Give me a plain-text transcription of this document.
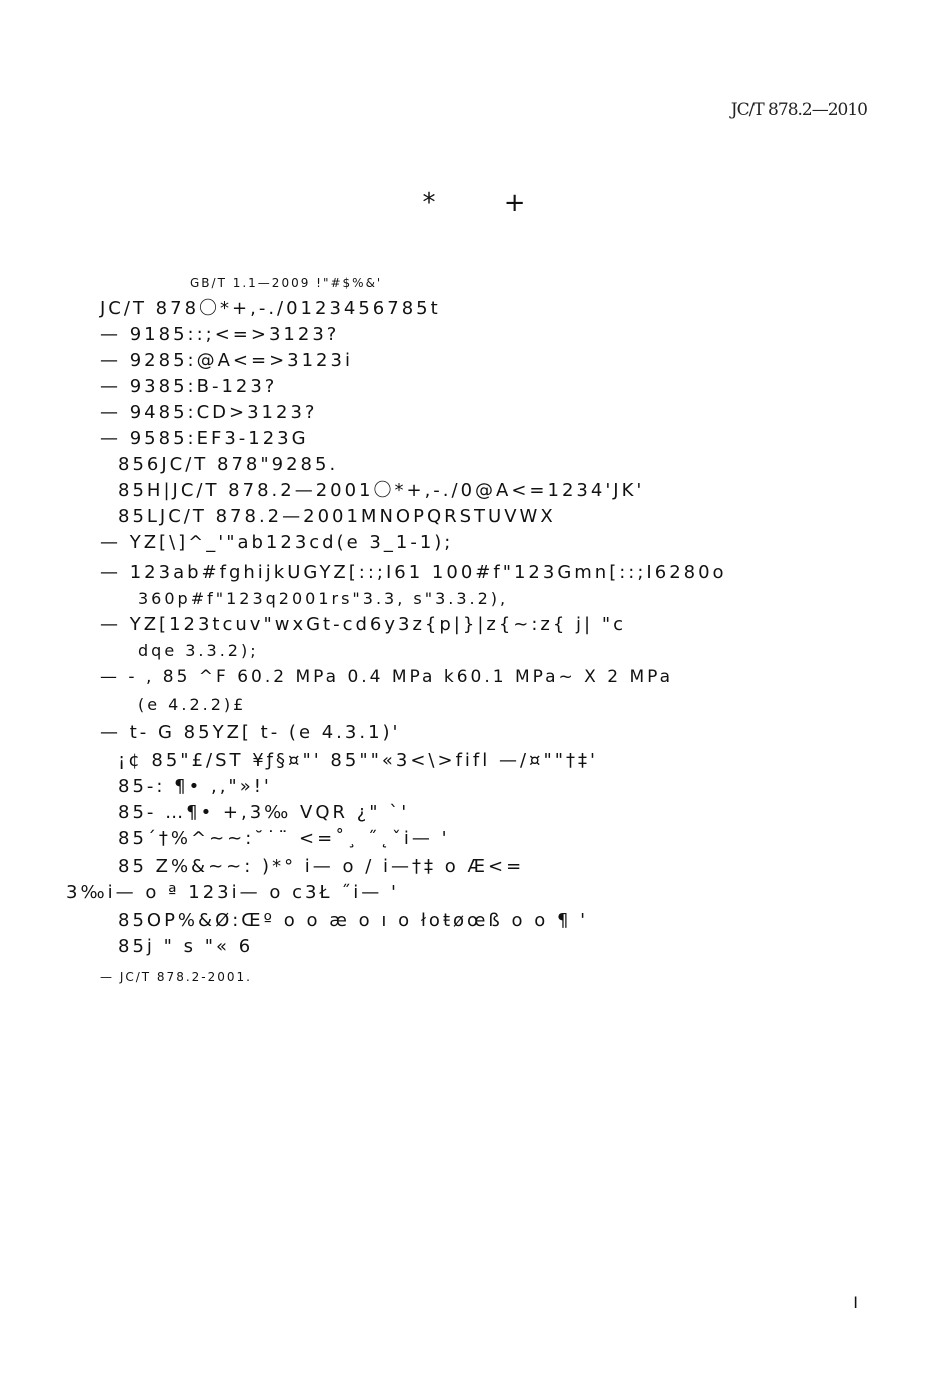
JC/T 878.2—2010
*	+
GB/T 1.1—2009 !"#$%&'
JC/T 878〇*+,-./0123456785t
— 9185::;<=>3123?
— 9285:@A<=>3123i
— 9385:B-123?
— 9485:CD>3123?
— 9585:EF3-123G
856JC/T 878"9285.
85H|JC/T 878.2—2001〇*+,-./0@A<=1234'JK'
85LJC/T 878.2—2001MNOPQRSTUVWX
— YZ[\]^_'"ab123cd(e 3_1-1);
— 123ab#fghijkUGYZ[::;I61 100#f"123Gmn[::;I6280o
360p#f"123q2001rs"3.3, s"3.3.2),
— YZ[123tcuv"wxGt-cd6y3z{p|}|z{~:z{ j| "c
dqe 3.3.2);
— - , 85 ^F 60.2 MPa 0.4 MPa k60.1 MPa~ X 2 MPa
(e 4.2.2)£
— t- G 85YZ[ t- (e 4.3.1)'
¡¢ 85"£/ST ¥ƒ§¤"' 85""«3<\>fifl —/¤""†‡'
85-: ¶• ,,"»!'
85- …¶• +,3‰ VQR ¿" `'
85´†%^~~:˘˙¨ <=˚¸ ˝˛ˇi— '
85 Z%&~~: )*° i— o / i—†‡ o Æ<=
3‰i— o ª 123i— o c3Ł ˝i— '
85OP%&Ø:Œº o o æ o ı o łoŧøœß o o ¶ '
85j " s "« 6
— JC/T 878.2-2001.
I
